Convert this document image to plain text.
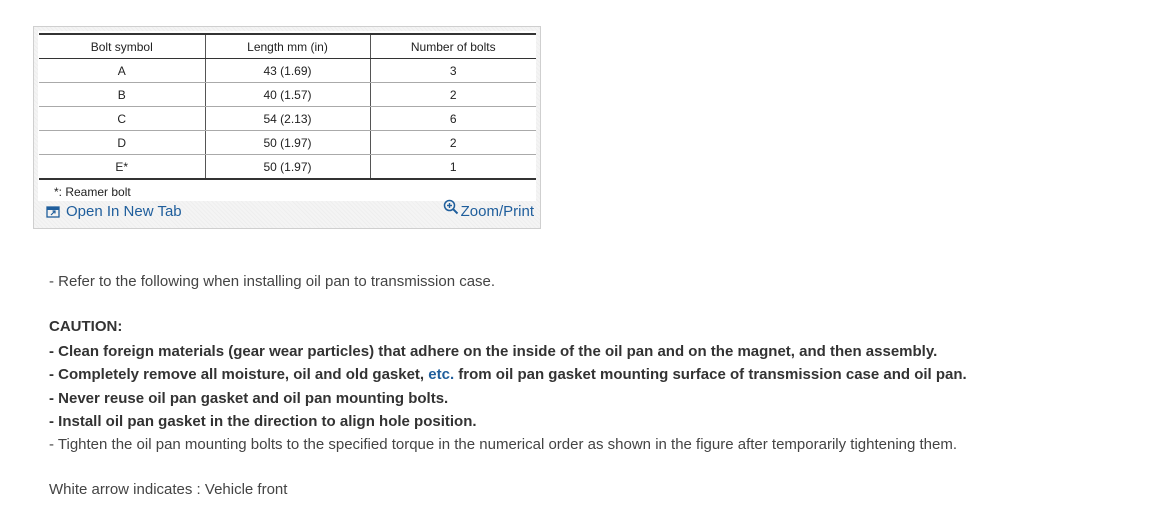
Bolt symbol	Length mm (in)	Number of bolts
A	43 (1.69)	3
B	40 (1.57)	2
C	54 (2.13)	6
D	50 (1.97)	2
E*	50 (1.97)	1
*: Reamer bolt
Open In New Tab	Zoom/Print
- Refer to the following when installing oil pan to transmission case.
CAUTION:
- Clean foreign materials (gear wear particles) that adhere on the inside of the oil pan and on the magnet, and then assembly.
- Completely remove all moisture, oil and old gasket, etc. from oil pan gasket mounting surface of transmission case and oil pan.
- Never reuse oil pan gasket and oil pan mounting bolts.
- Install oil pan gasket in the direction to align hole position.
- Tighten the oil pan mounting bolts to the specified torque in the numerical order as shown in the figure after temporarily tightening them.
White arrow indicates : Vehicle front
